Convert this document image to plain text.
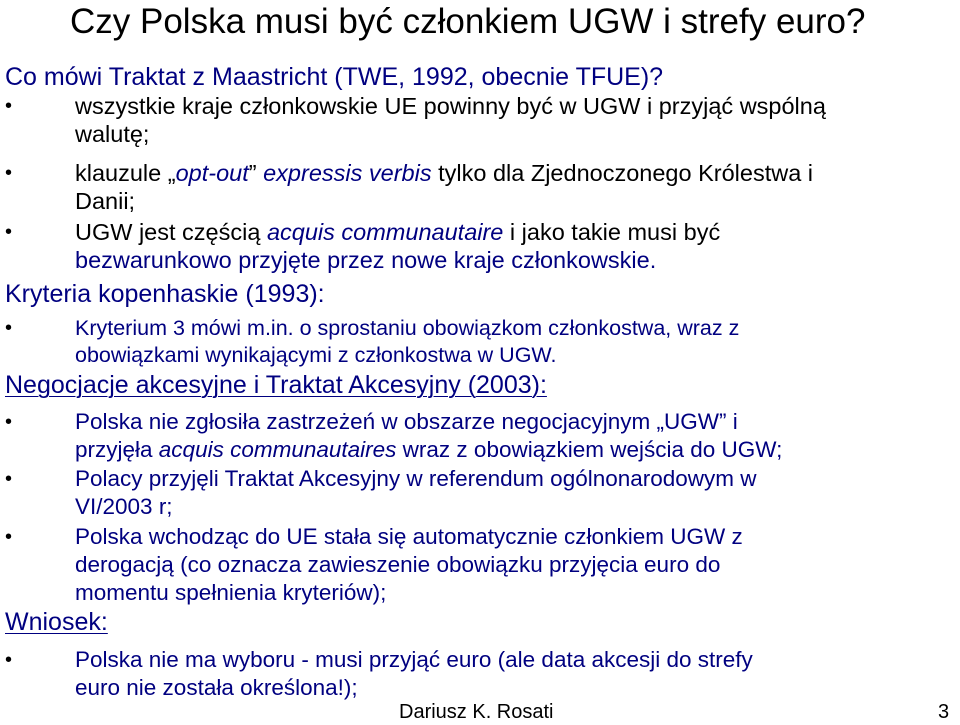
Czy Polska musi być członkiem UGW i strefy euro?
Co mówi Traktat z Maastricht (TWE, 1992, obecnie TFUE)?
•	wszystkie kraje członkowskie UE powinny być w UGW i przyjąć wspólną
walutę;
•	klauzule „opt-out” expressis verbis tylko dla Zjednoczonego Królestwa i
Danii;
•	UGW jest częścią acquis communautaire i jako takie musi być
bezwarunkowo przyjęte przez nowe kraje członkowskie.
Kryteria kopenhaskie (1993):
•	Kryterium 3 mówi m.in. o sprostaniu obowiązkom członkostwa, wraz z
obowiązkami wynikającymi z członkostwa w UGW.
Negocjacje akcesyjne i Traktat Akcesyjny (2003):
•	Polska nie zgłosiła zastrzeżeń w obszarze negocjacyjnym „UGW” i
przyjęła acquis communautaires wraz z obowiązkiem wejścia do UGW;
•	Polacy przyjęli Traktat Akcesyjny w referendum ogólnonarodowym w
VI/2003 r;
•	Polska wchodząc do UE stała się automatycznie członkiem UGW z
derogacją (co oznacza zawieszenie obowiązku przyjęcia euro do
momentu spełnienia kryteriów);
Wniosek:
•	Polska nie ma wyboru - musi przyjąć euro (ale data akcesji do strefy
euro nie została określona!);
Dariusz K. Rosati	3
